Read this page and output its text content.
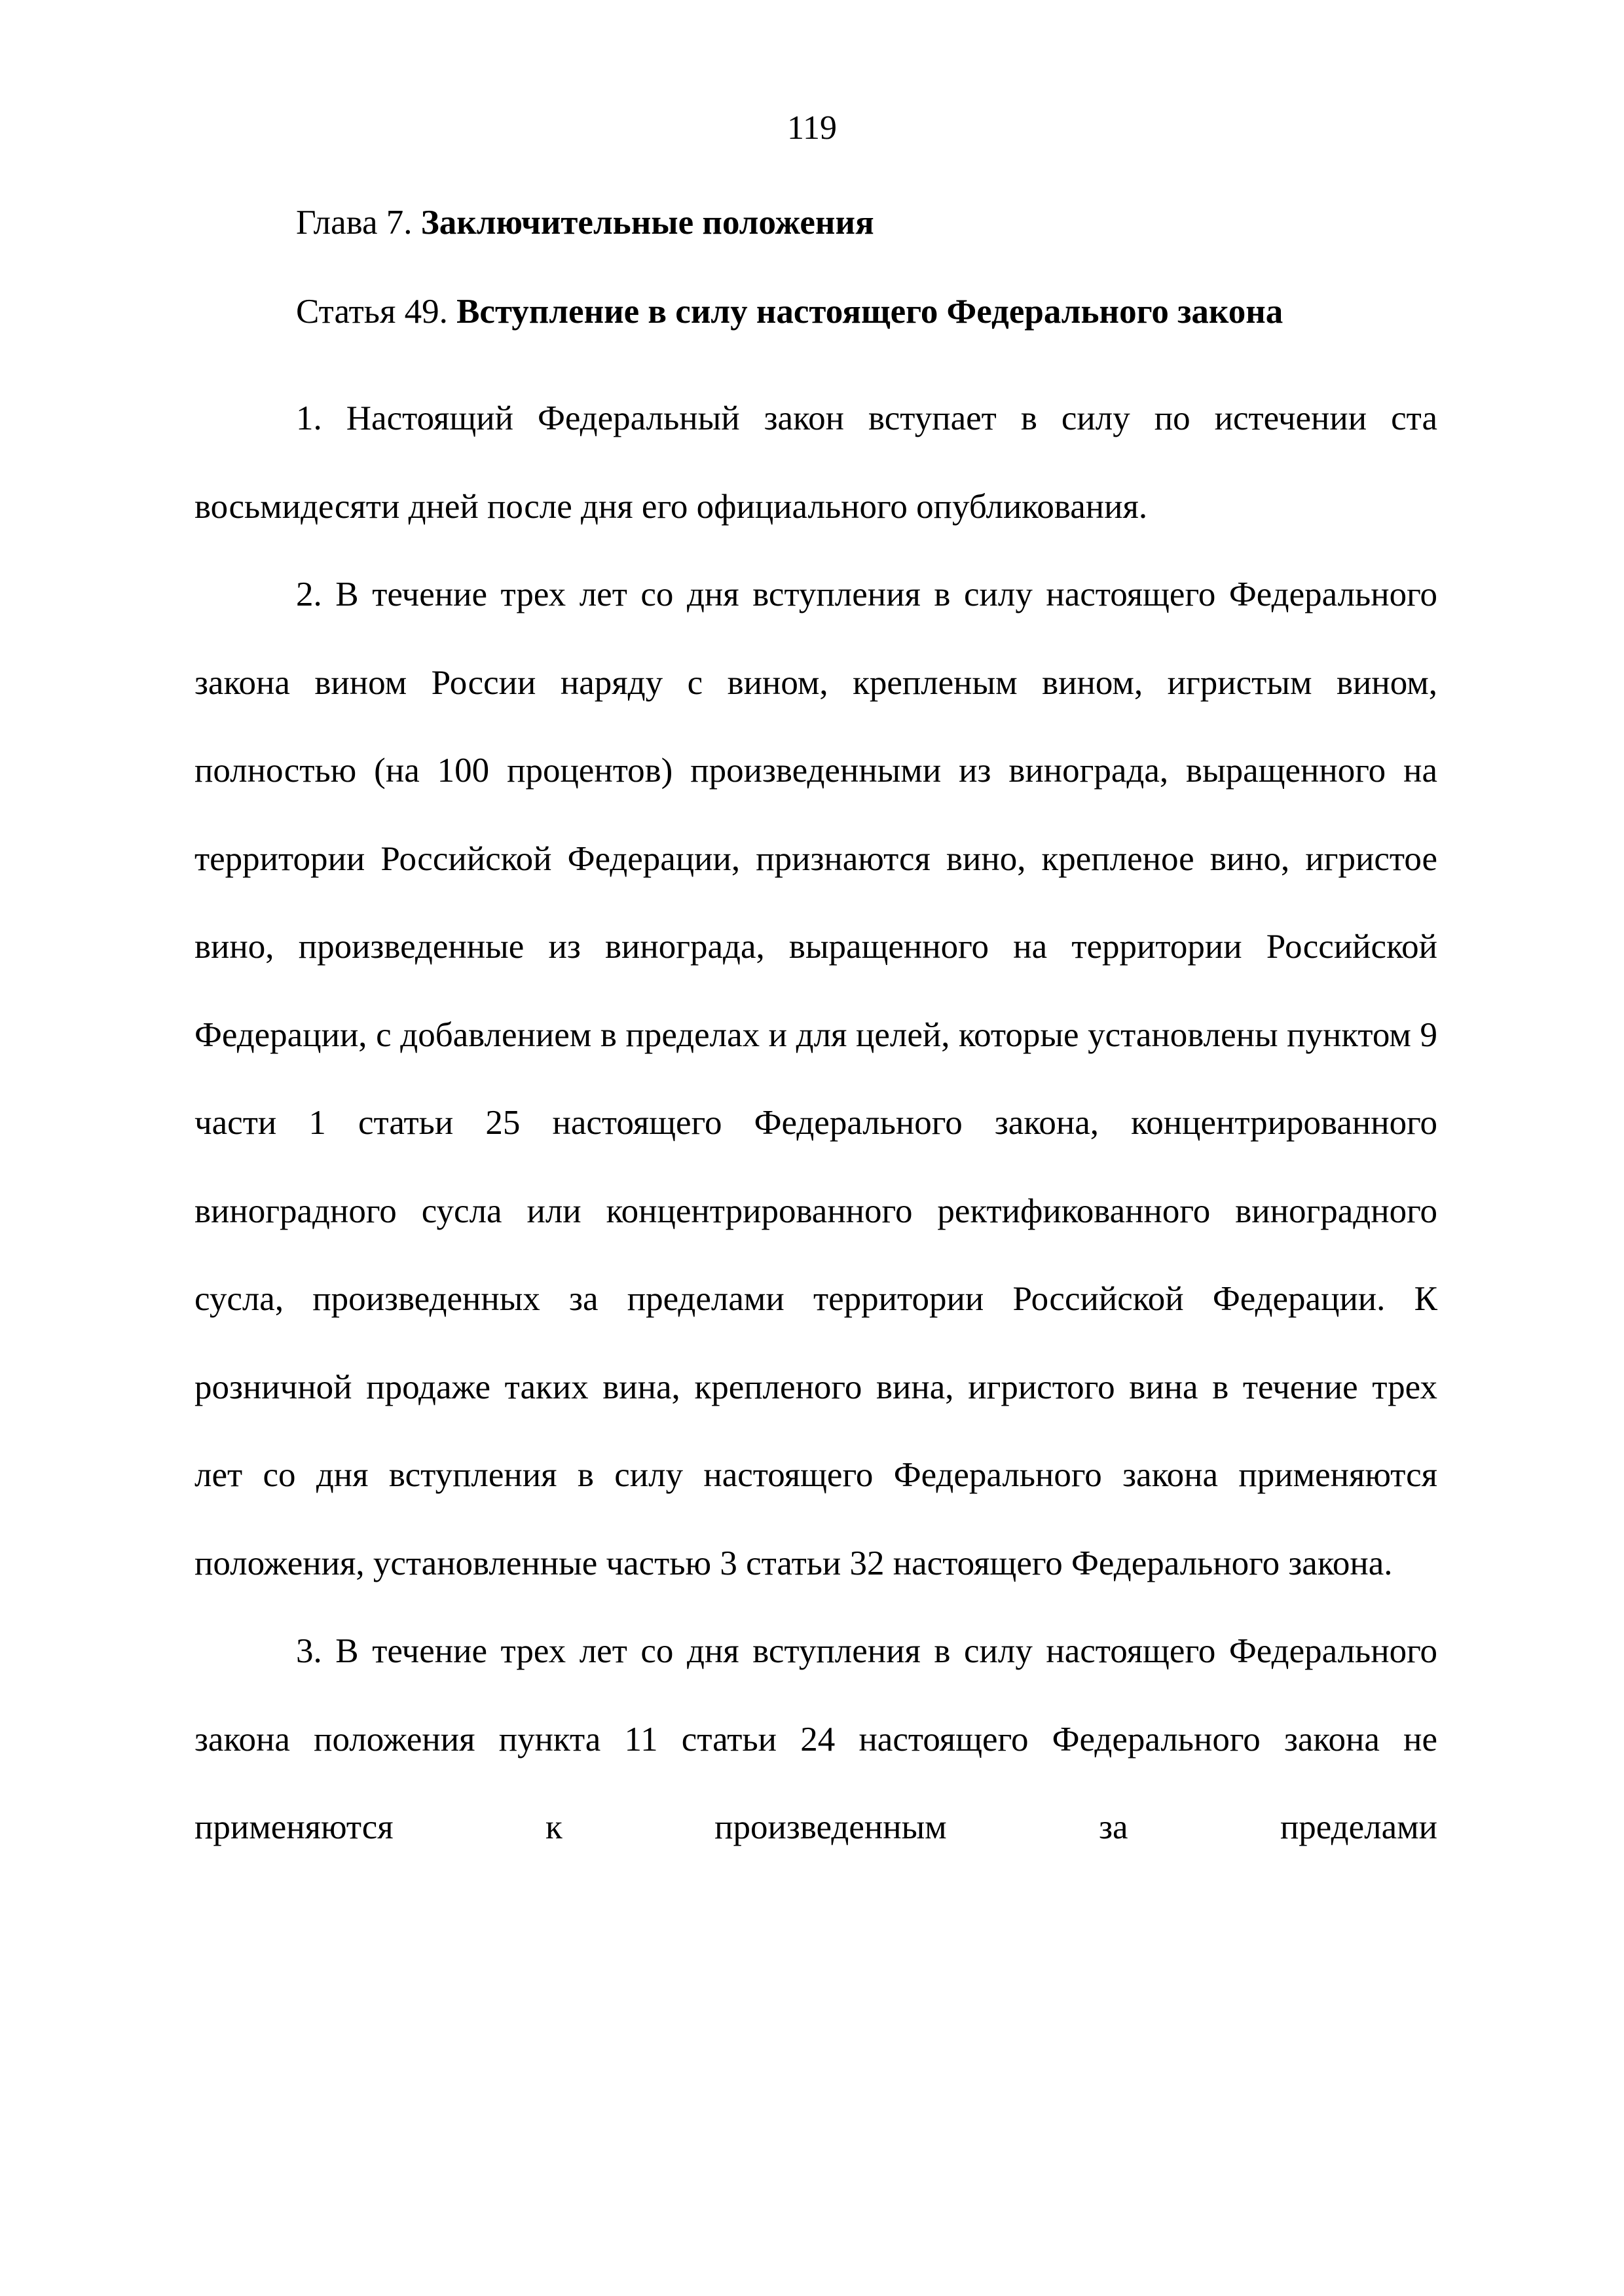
119
Глава 7. Заключительные положения
Статья 49. Вступление в силу настоящего Федерального закона

1. Настоящий Федеральный закон вступает в силу по истечении ста восьмидесяти дней после дня его официального опубликования.

2. В течение трех лет со дня вступления в силу настоящего Федерального закона вином России наряду с вином, крепленым вином, игристым вином, полностью (на 100 процентов) произведенными из винограда, выращенного на территории Российской Федерации, признаются вино, крепленое вино, игристое вино, произведенные из винограда, выращенного на территории Российской Федерации, с добавлением в пределах и для целей, которые установлены пунктом 9 части 1 статьи 25 настоящего Федерального закона, концентрированного виноградного сусла или концентрированного ректификованного виноградного сусла, произведенных за пределами территории Российской Федерации. К розничной продаже таких вина, крепленого вина, игристого вина в течение трех лет со дня вступления в силу настоящего Федерального закона применяются положения, установленные частью 3 статьи 32 настоящего Федерального закона.

3. В течение трех лет со дня вступления в силу настоящего Федерального закона положения пункта 11 статьи 24 настоящего Федерального закона не применяются к произведенным за пределами
